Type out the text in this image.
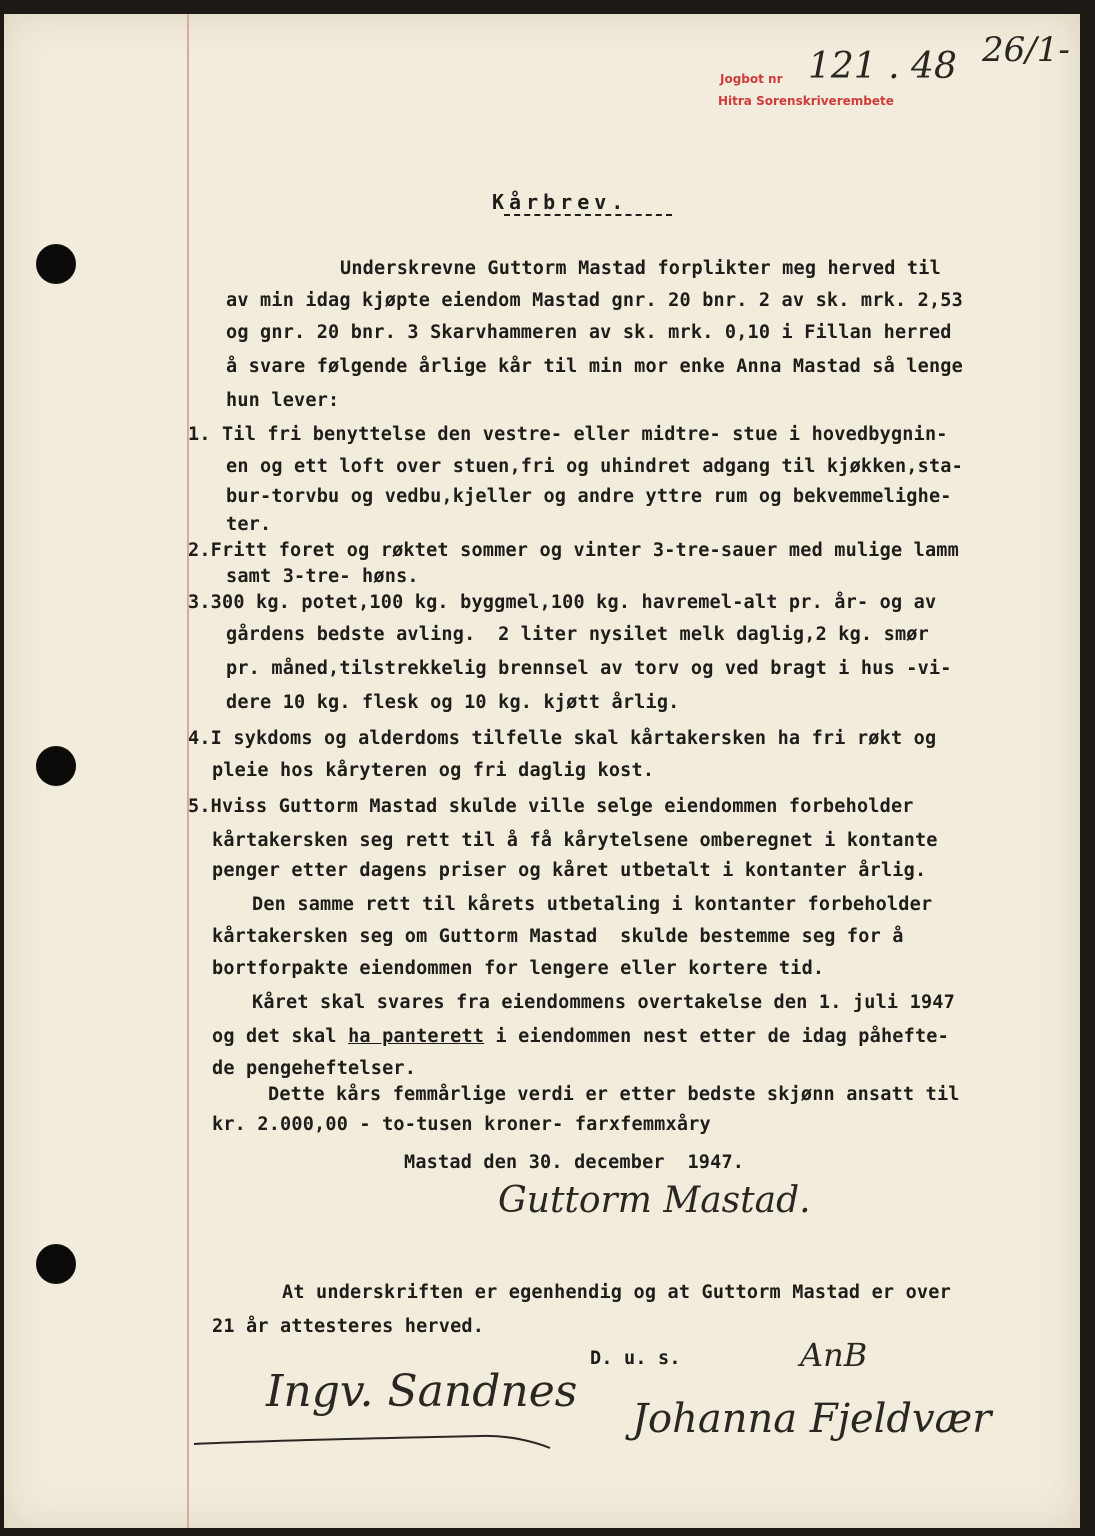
Jogbot nr
Hitra Sorenskriverembete
121 . 48 26/1-
Kårbrev.
Underskrevne Guttorm Mastad forplikter meg herved til
av min idag kjøpte eiendom Mastad gnr. 20 bnr. 2 av sk. mrk. 2,53
og gnr. 20 bnr. 3 Skarvhammeren av sk. mrk. 0,10 i Fillan herred
å svare følgende årlige kår til min mor enke Anna Mastad så lenge
hun lever:
1. Til fri benyttelse den vestre- eller midtre- stue i hovedbygnin-
en og ett loft over stuen,fri og uhindret adgang til kjøkken,sta-
bur-torvbu og vedbu,kjeller og andre yttre rum og bekvemmelighe-
ter.
2.Fritt foret og røktet sommer og vinter 3-tre-sauer med mulige lamm
samt 3-tre- høns.
3.300 kg. potet,100 kg. byggmel,100 kg. havremel-alt pr. år- og av
gårdens bedste avling.  2 liter nysilet melk daglig,2 kg. smør
pr. måned,tilstrekkelig brennsel av torv og ved bragt i hus -vi-
dere 10 kg. flesk og 10 kg. kjøtt årlig.
4.I sykdoms og alderdoms tilfelle skal kårtakersken ha fri røkt og
pleie hos kåryteren og fri daglig kost.
5.Hviss Guttorm Mastad skulde ville selge eiendommen forbeholder
kårtakersken seg rett til å få kårytelsene omberegnet i kontante
penger etter dagens priser og kåret utbetalt i kontanter årlig.
Den samme rett til kårets utbetaling i kontanter forbeholder
kårtakersken seg om Guttorm Mastad  skulde bestemme seg for å
bortforpakte eiendommen for lengere eller kortere tid.
Kåret skal svares fra eiendommens overtakelse den 1. juli 1947
og det skal ha panterett i eiendommen nest etter de idag påhefte-
de pengeheftelser.
Dette kårs femmårlige verdi er etter bedste skjønn ansatt til
kr. 2.000,00 - to-tusen kroner- farxfemmxåry
Mastad den 30. december  1947.
Guttorm Mastad.
At underskriften er egenhendig og at Guttorm Mastad er over
21 år attesteres herved.
D. u. s.
Ingv. Sandnes
AnB
Johanna Fjeldvær
